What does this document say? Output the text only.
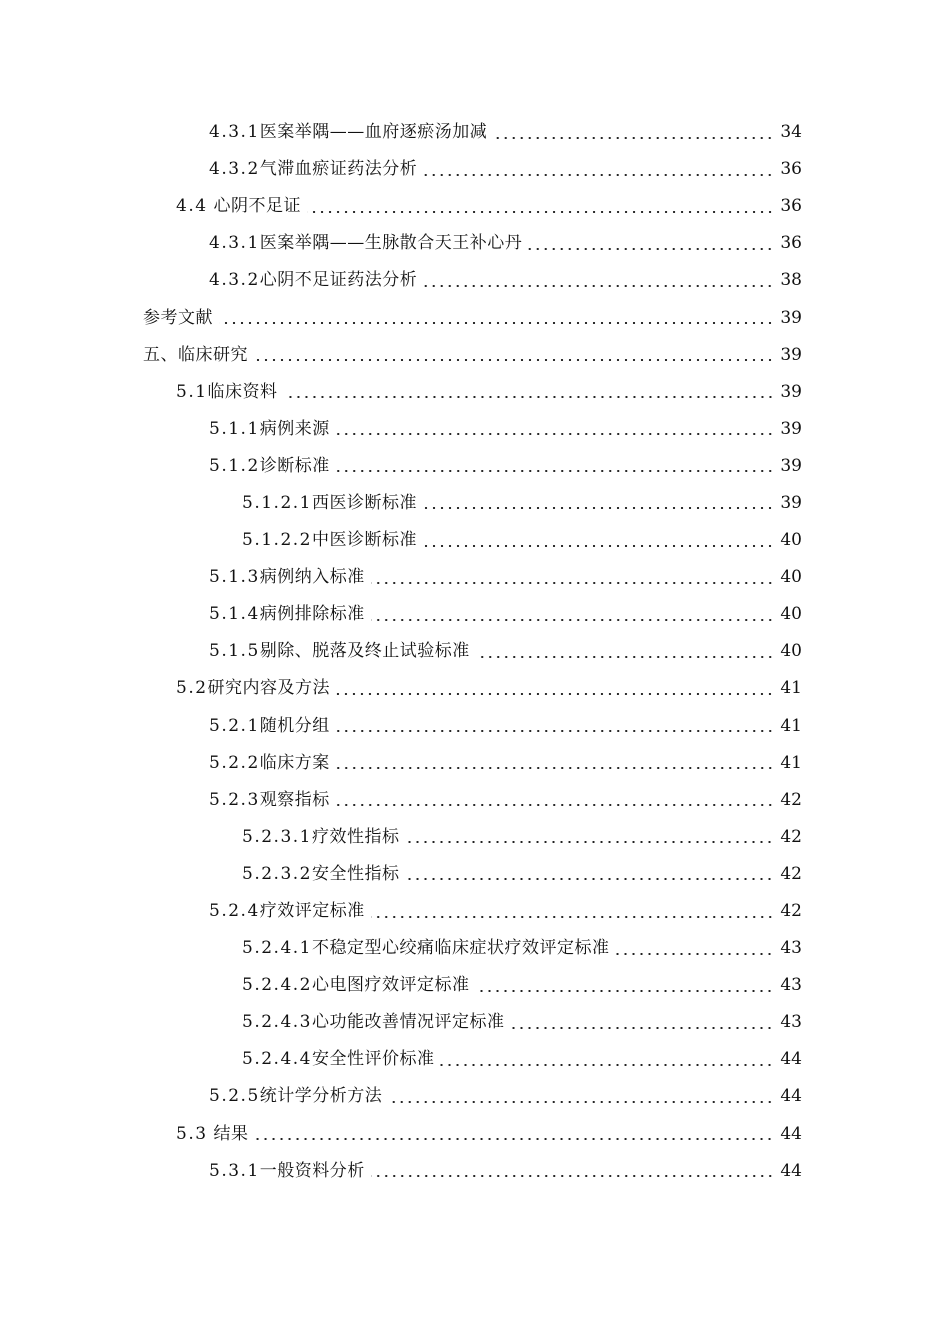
4.3.1 医案举隅——血府逐瘀汤加减	34
4.3.2 气滞血瘀证药法分析	36
4.4 心阴不足证	36
4.3.1 医案举隅——生脉散合天王补心丹	36
4.3.2 心阴不足证药法分析	38
参考文献	39
五、临床研究	39
5.1 临床资料	39
5.1.1 病例来源	39
5.1.2 诊断标准	39
5.1.2.1 西医诊断标准	39
5.1.2.2 中医诊断标准	40
5.1.3 病例纳入标准	40
5.1.4 病例排除标准	40
5.1.5 剔除、脱落及终止试验标准	40
5.2 研究内容及方法	41
5.2.1 随机分组	41
5.2.2 临床方案	41
5.2.3 观察指标	42
5.2.3.1 疗效性指标	42
5.2.3.2 安全性指标	42
5.2.4 疗效评定标准	42
5.2.4.1 不稳定型心绞痛临床症状疗效评定标准	43
5.2.4.2 心电图疗效评定标准	43
5.2.4.3 心功能改善情况评定标准	43
5.2.4.4 安全性评价标准	44
5.2.5 统计学分析方法	44
5.3 结果	44
5.3.1 一般资料分析	44
